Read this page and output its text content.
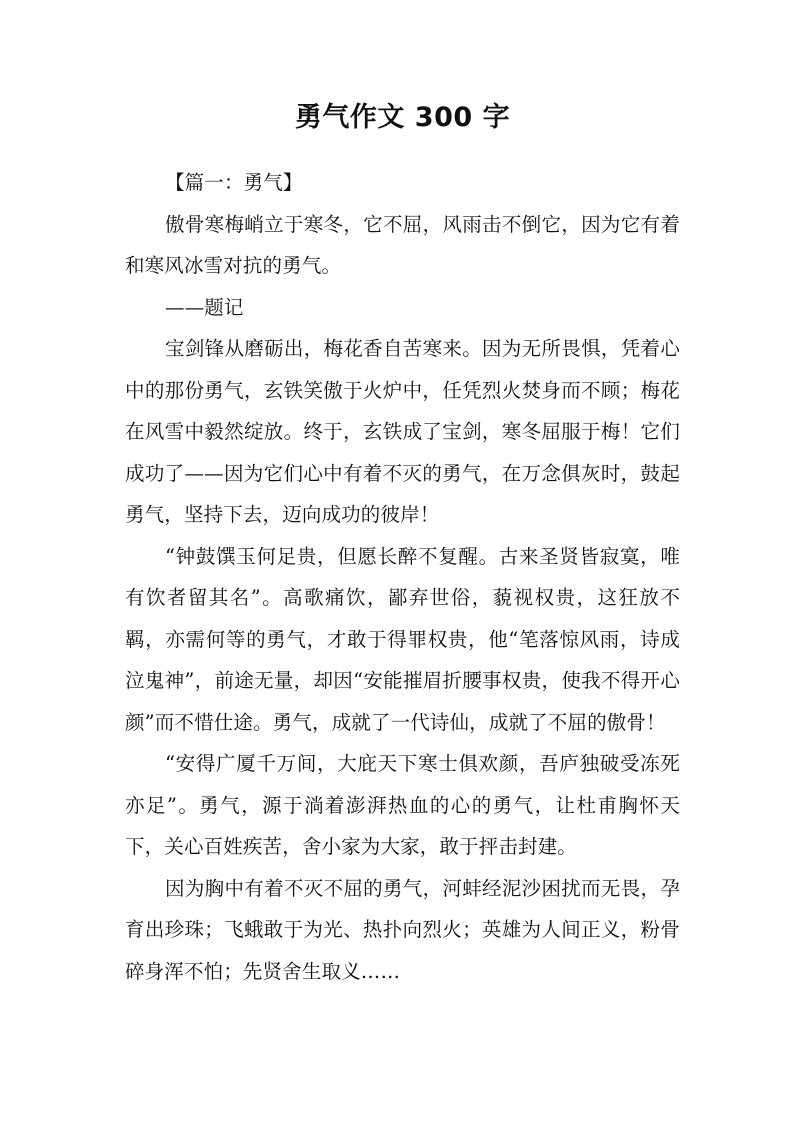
勇气作文 300 字

【篇一：勇气】

傲骨寒梅峭立于寒冬，它不屈，风雨击不倒它，因为它有着和寒风冰雪对抗的勇气。

——题记

宝剑锋从磨砺出，梅花香自苦寒来。因为无所畏惧，凭着心中的那份勇气，玄铁笑傲于火炉中，任凭烈火焚身而不顾；梅花在风雪中毅然绽放。终于，玄铁成了宝剑，寒冬屈服于梅！它们成功了——因为它们心中有着不灭的勇气，在万念俱灰时，鼓起勇气，坚持下去，迈向成功的彼岸！

“钟鼓馔玉何足贵，但愿长醉不复醒。古来圣贤皆寂寞，唯有饮者留其名”。高歌痛饮，鄙弃世俗，藐视权贵，这狂放不羁，亦需何等的勇气，才敢于得罪权贵，他“笔落惊风雨，诗成泣鬼神”，前途无量，却因“安能摧眉折腰事权贵，使我不得开心颜”而不惜仕途。勇气，成就了一代诗仙，成就了不屈的傲骨！

“安得广厦千万间，大庇天下寒士俱欢颜，吾庐独破受冻死亦足”。勇气，源于淌着澎湃热血的心的勇气，让杜甫胸怀天下，关心百姓疾苦，舍小家为大家，敢于抨击封建。

因为胸中有着不灭不屈的勇气，河蚌经泥沙困扰而无畏，孕育出珍珠；飞蛾敢于为光、热扑向烈火；英雄为人间正义，粉骨碎身浑不怕；先贤舍生取义……
